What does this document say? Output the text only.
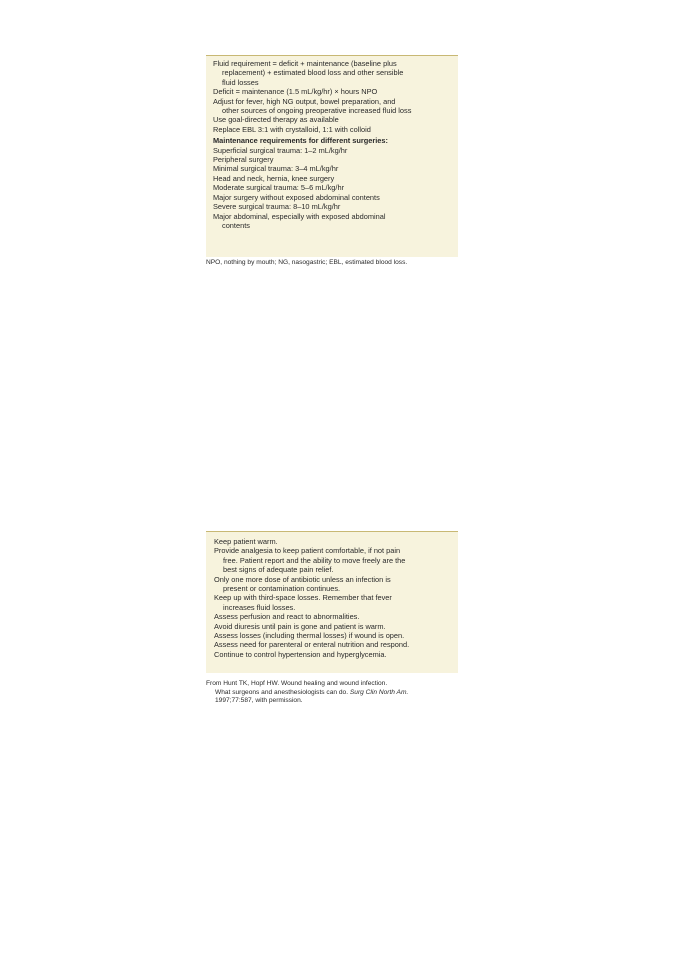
Fluid requirement = deficit + maintenance (baseline plus
replacement) + estimated blood loss and other sensible
fluid losses
Deficit = maintenance (1.5 mL/kg/hr) × hours NPO
Adjust for fever, high NG output, bowel preparation, and
other sources of ongoing preoperative increased fluid loss
Use goal-directed therapy as available
Replace EBL 3:1 with crystalloid, 1:1 with colloid
Maintenance requirements for different surgeries:
Superficial surgical trauma: 1–2 mL/kg/hr
Peripheral surgery
Minimal surgical trauma: 3–4 mL/kg/hr
Head and neck, hernia, knee surgery
Moderate surgical trauma: 5–6 mL/kg/hr
Major surgery without exposed abdominal contents
Severe surgical trauma: 8–10 mL/kg/hr
Major abdominal, especially with exposed abdominal
contents
NPO, nothing by mouth; NG, nasogastric; EBL, estimated blood loss.
Keep patient warm.
Provide analgesia to keep patient comfortable, if not pain
free. Patient report and the ability to move freely are the
best signs of adequate pain relief.
Only one more dose of antibiotic unless an infection is
present or contamination continues.
Keep up with third-space losses. Remember that fever
increases fluid losses.
Assess perfusion and react to abnormalities.
Avoid diuresis until pain is gone and patient is warm.
Assess losses (including thermal losses) if wound is open.
Assess need for parenteral or enteral nutrition and respond.
Continue to control hypertension and hyperglycemia.
From Hunt TK, Hopf HW. Wound healing and wound infection.
What surgeons and anesthesiologists can do. Surg Clin North Am.
1997;77:587, with permission.
